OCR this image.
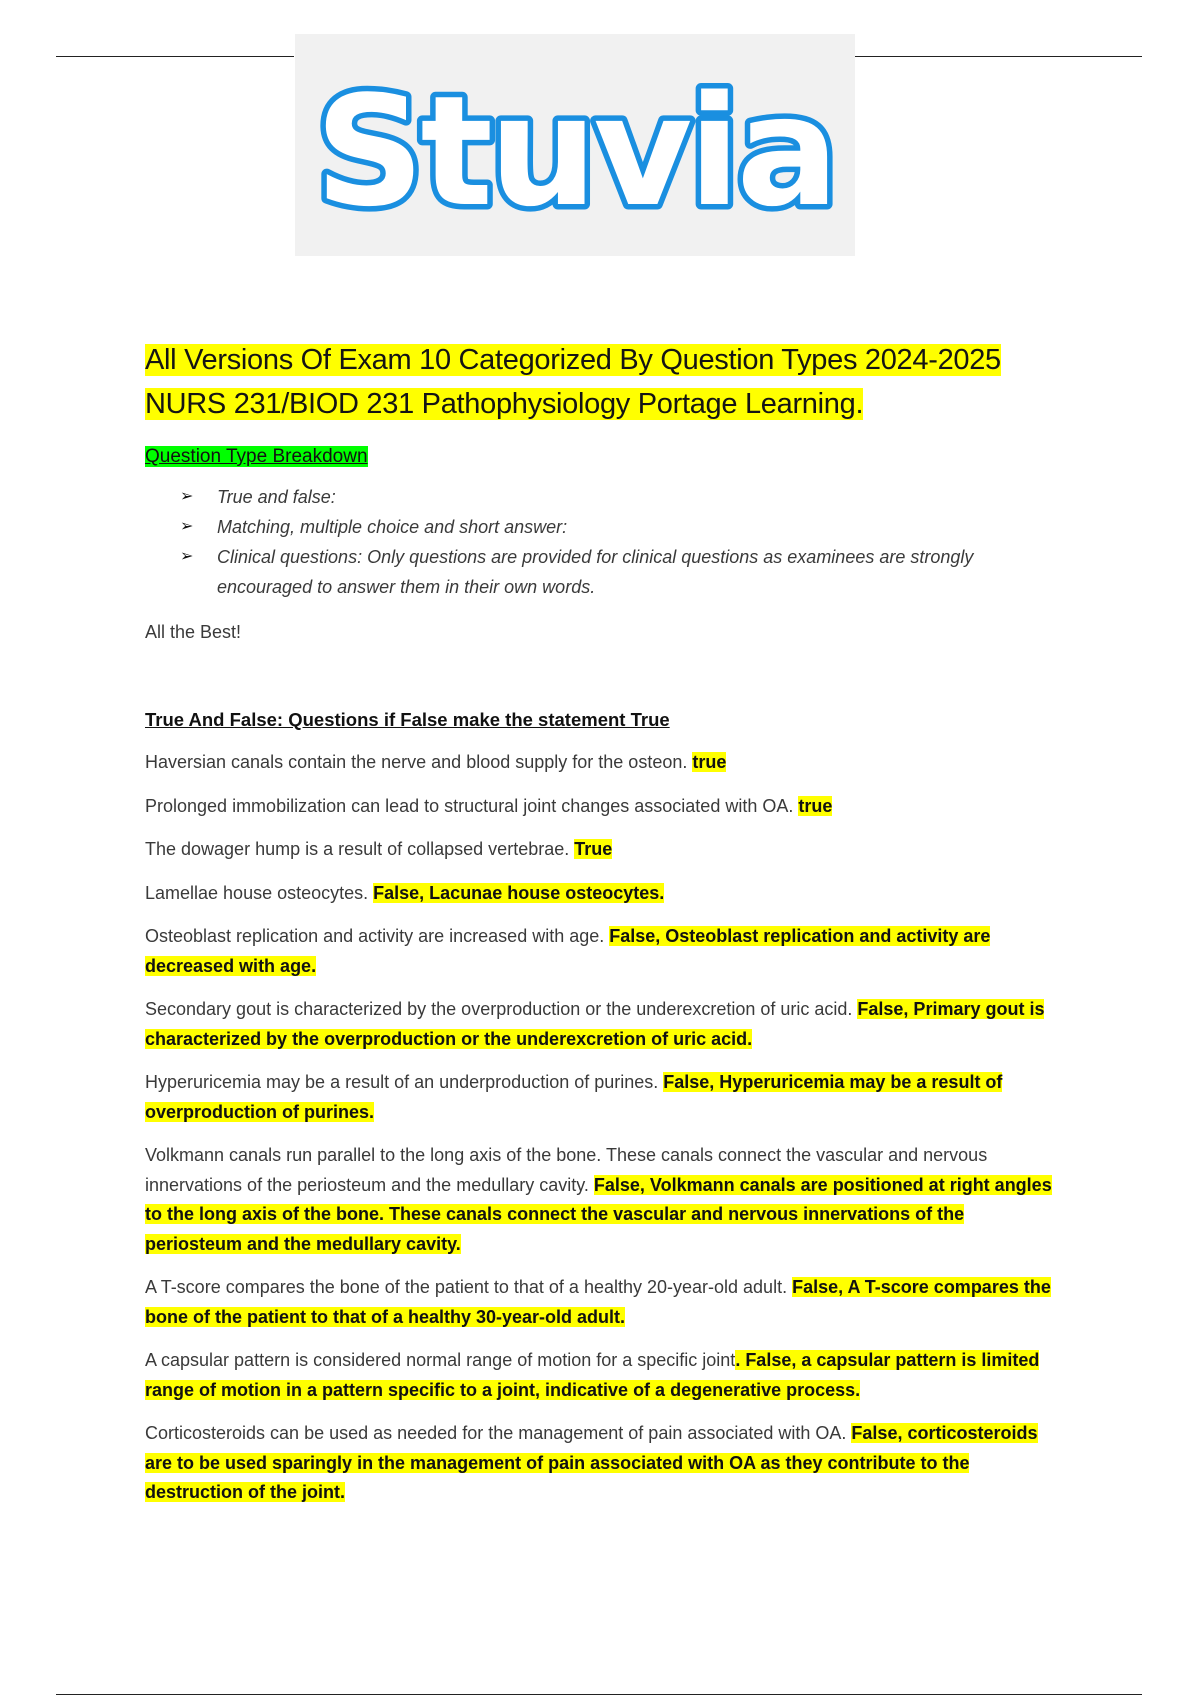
Stuvia
All Versions Of Exam 10 Categorized By Question Types 2024-2025
NURS 231/BIOD 231 Pathophysiology Portage Learning.
Question Type Breakdown
➢ True and false:
➢ Matching, multiple choice and short answer:
➢ Clinical questions: Only questions are provided for clinical questions as examinees are strongly encouraged to answer them in their own words.

All the Best!

True And False: Questions if False make the statement True

Haversian canals contain the nerve and blood supply for the osteon. true

Prolonged immobilization can lead to structural joint changes associated with OA. true

The dowager hump is a result of collapsed vertebrae. True

Lamellae house osteocytes. False, Lacunae house osteocytes.

Osteoblast replication and activity are increased with age. False, Osteoblast replication and activity are decreased with age.

Secondary gout is characterized by the overproduction or the underexcretion of uric acid. False, Primary gout is characterized by the overproduction or the underexcretion of uric acid.

Hyperuricemia may be a result of an underproduction of purines. False, Hyperuricemia may be a result of overproduction of purines.

Volkmann canals run parallel to the long axis of the bone. These canals connect the vascular and nervous innervations of the periosteum and the medullary cavity. False, Volkmann canals are positioned at right angles to the long axis of the bone. These canals connect the vascular and nervous innervations of the periosteum and the medullary cavity.

A T-score compares the bone of the patient to that of a healthy 20-year-old adult. False, A T-score compares the bone of the patient to that of a healthy 30-year-old adult.

A capsular pattern is considered normal range of motion for a specific joint. False, a capsular pattern is limited range of motion in a pattern specific to a joint, indicative of a degenerative process.

Corticosteroids can be used as needed for the management of pain associated with OA. False, corticosteroids are to be used sparingly in the management of pain associated with OA as they contribute to the destruction of the joint.
